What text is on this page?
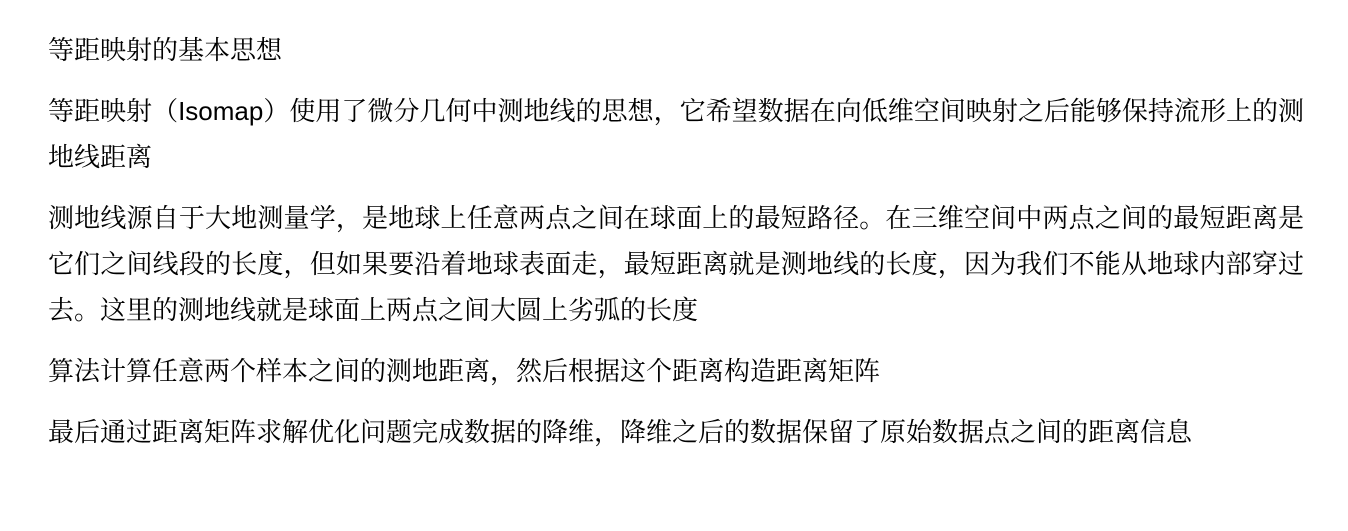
等距映射的基本思想

等距映射（Isomap）使用了微分几何中测地线的思想，它希望数据在向低维空间映射之后能够保持流形上的测地线距离

测地线源自于大地测量学，是地球上任意两点之间在球面上的最短路径。在三维空间中两点之间的最短距离是它们之间线段的长度，但如果要沿着地球表面走，最短距离就是测地线的长度，因为我们不能从地球内部穿过去。这里的测地线就是球面上两点之间大圆上劣弧的长度

算法计算任意两个样本之间的测地距离，然后根据这个距离构造距离矩阵

最后通过距离矩阵求解优化问题完成数据的降维，降维之后的数据保留了原始数据点之间的距离信息
